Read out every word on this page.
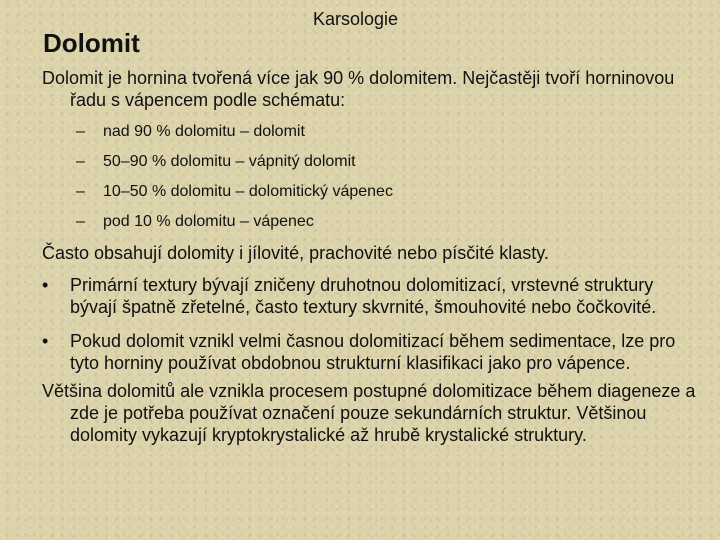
Karsologie
Dolomit

Dolomit je hornina tvořená více jak 90 % dolomitem. Nejčastěji tvoří horninovou řadu s vápencem podle schématu:

– nad 90 % dolomitu – dolomit
– 50–90 % dolomitu – vápnitý dolomit
– 10–50 % dolomitu – dolomitický vápenec
– pod 10 % dolomitu – vápenec

Často obsahují dolomity i jílovité, prachovité nebo písčité klasty.

• Primární textury bývají zničeny druhotnou dolomitizací, vrstevné struktury bývají špatně zřetelné, často textury skvrnité, šmouhovité nebo čočkovité.
• Pokud dolomit vznikl velmi časnou dolomitizací během sedimentace, lze pro tyto horniny používat obdobnou strukturní klasifikaci jako pro vápence.

Většina dolomitů ale vznikla procesem postupné dolomitizace během diageneze a zde je potřeba používat označení pouze sekundárních struktur. Většinou dolomity vykazují kryptokrystalické až hrubě krystalické struktury.
